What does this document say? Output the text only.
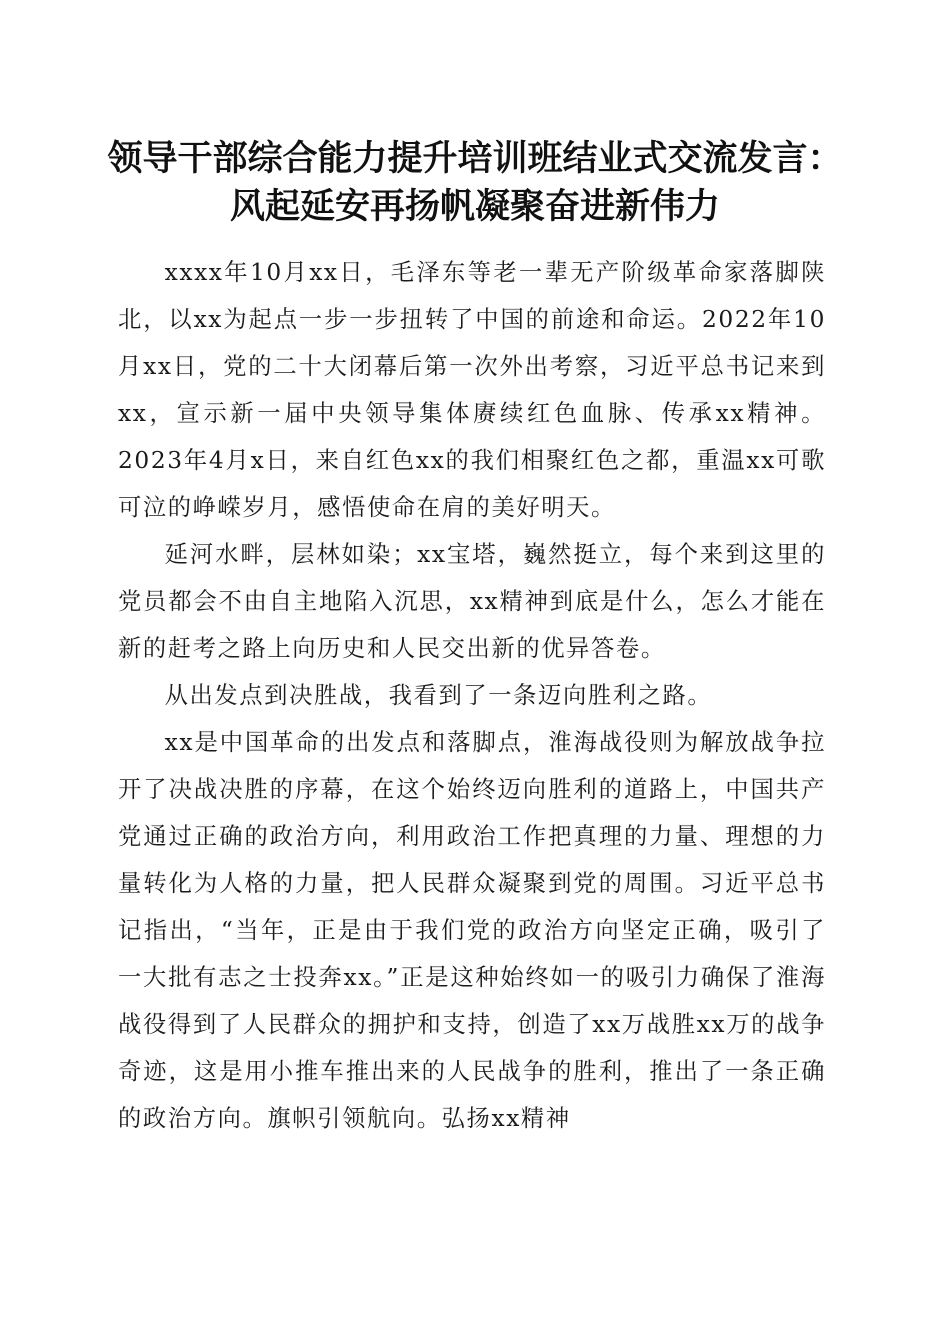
领导干部综合能力提升培训班结业式交流发言：
风起延安再扬帆凝聚奋进新伟力

xxxx年10月xx日，毛泽东等老一辈无产阶级革命家落脚陕北，以xx为起点一步一步扭转了中国的前途和命运。2022年10月xx日，党的二十大闭幕后第一次外出考察，习近平总书记来到xx，宣示新一届中央领导集体赓续红色血脉、传承xx精神。2023年4月x日，来自红色xx的我们相聚红色之都，重温xx可歌可泣的峥嵘岁月，感悟使命在肩的美好明天。

延河水畔，层林如染；xx宝塔，巍然挺立，每个来到这里的党员都会不由自主地陷入沉思，xx精神到底是什么，怎么才能在新的赶考之路上向历史和人民交出新的优异答卷。

从出发点到决胜战，我看到了一条迈向胜利之路。

xx是中国革命的出发点和落脚点，淮海战役则为解放战争拉开了决战决胜的序幕，在这个始终迈向胜利的道路上，中国共产党通过正确的政治方向，利用政治工作把真理的力量、理想的力量转化为人格的力量，把人民群众凝聚到党的周围。习近平总书记指出，“当年，正是由于我们党的政治方向坚定正确，吸引了一大批有志之士投奔xx。”正是这种始终如一的吸引力确保了淮海战役得到了人民群众的拥护和支持，创造了xx万战胜xx万的战争奇迹，这是用小推车推出来的人民战争的胜利，推出了一条正确的政治方向。旗帜引领航向。弘扬xx精神
